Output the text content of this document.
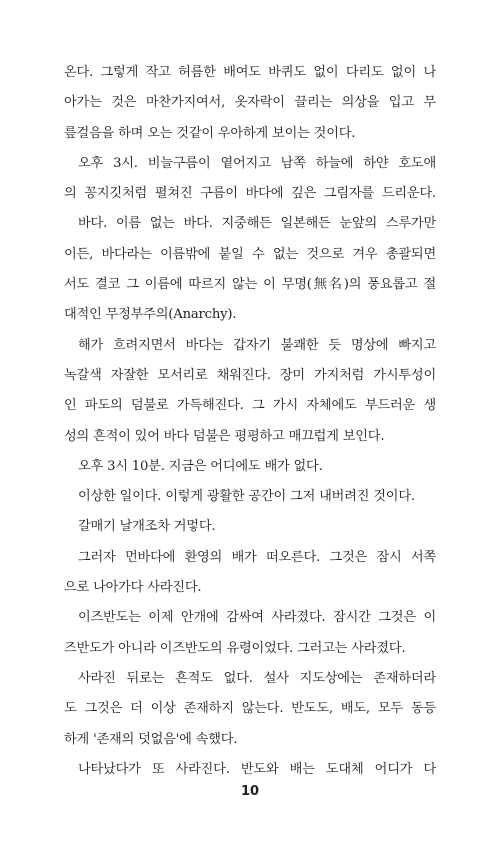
온다. 그렇게 작고 허름한 배여도 바퀴도 없이 다리도 없이 나
아가는 것은 마찬가지여서, 옷자락이 끌리는 의상을 입고 무
릎걸음을 하며 오는 것같이 우아하게 보이는 것이다.
오후 3시. 비늘구름이 옅어지고 남쪽 하늘에 하얀 호도애
의 꽁지깃처럼 펼쳐진 구름이 바다에 깊은 그림자를 드리운다.
바다. 이름 없는 바다. 지중해든 일본해든 눈앞의 스루가만
이든, 바다라는 이름밖에 붙일 수 없는 것으로 겨우 총괄되면
서도 결코 그 이름에 따르지 않는 이 무명(無名)의 풍요롭고 절
대적인 무정부주의(Anarchy).
해가 흐려지면서 바다는 갑자기 불쾌한 듯 명상에 빠지고
녹갈색 자잘한 모서리로 채워진다. 장미 가지처럼 가시투성이
인 파도의 덤불로 가득해진다. 그 가시 자체에도 부드러운 생
성의 흔적이 있어 바다 덤불은 평평하고 매끄럽게 보인다.
오후 3시 10분. 지금은 어디에도 배가 없다.
이상한 일이다. 이렇게 광활한 공간이 그저 내버려진 것이다.
갈매기 날개조차 거멓다.
그러자 먼바다에 환영의 배가 떠오른다. 그것은 잠시 서쪽
으로 나아가다 사라진다.
이즈반도는 이제 안개에 감싸여 사라졌다. 잠시간 그것은 이
즈반도가 아니라 이즈반도의 유령이었다. 그러고는 사라졌다.
사라진 뒤로는 흔적도 없다. 설사 지도상에는 존재하더라
도 그것은 더 이상 존재하지 않는다. 반도도, 배도, 모두 동등
하게 '존재의 덧없음'에 속했다.
나타났다가 또 사라진다. 반도와 배는 도대체 어디가 다
10
